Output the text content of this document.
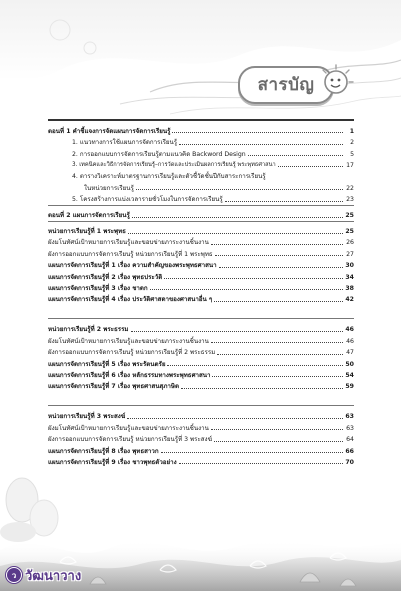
สารบัญ
ตอนที่ 1 คำชี้แจงการจัดแผนการจัดการเรียนรู้	1
1. แนวทางการใช้แผนการจัดการเรียนรู้	2
2. การออกแบบการจัดการเรียนรู้ตามแนวคิด Backword Design	5
3. เทคนิคและวิธีการจัดการเรียนรู้–การวัดและประเมินผลการเรียนรู้ พระพุทธศาสนา	17
4. ตารางวิเคราะห์มาตรฐานการเรียนรู้และตัวชี้วัดชั้นปีกับสาระการเรียนรู้
ในหน่วยการเรียนรู้	22
5. โครงสร้างการแบ่งเวลารายชั่วโมงในการจัดการเรียนรู้	23
ตอนที่ 2 แผนการจัดการเรียนรู้	25
หน่วยการเรียนรู้ที่ 1 พระพุทธ	25
ผังมโนทัศน์เป้าหมายการเรียนรู้และขอบข่ายภาระงานชิ้นงาน	26
ผังการออกแบบการจัดการเรียนรู้ หน่วยการเรียนรู้ที่ 1 พระพุทธ	27
แผนการจัดการเรียนรู้ที่ 1 เรื่อง ความสำคัญของพระพุทธศาสนา	30
แผนการจัดการเรียนรู้ที่ 2 เรื่อง พุทธประวัติ	34
แผนการจัดการเรียนรู้ที่ 3 เรื่อง ชาดก	38
แผนการจัดการเรียนรู้ที่ 4 เรื่อง ประวัติศาสดาของศาสนาอื่น ๆ	42
หน่วยการเรียนรู้ที่ 2 พระธรรม	46
ผังมโนทัศน์เป้าหมายการเรียนรู้และขอบข่ายภาระงานชิ้นงาน	46
ผังการออกแบบการจัดการเรียนรู้ หน่วยการเรียนรู้ที่ 2 พระธรรม	47
แผนการจัดการเรียนรู้ที่ 5 เรื่อง พระรัตนตรัย	50
แผนการจัดการเรียนรู้ที่ 6 เรื่อง หลักธรรมทางพระพุทธศาสนา	54
แผนการจัดการเรียนรู้ที่ 7 เรื่อง พุทธศาสนสุภาษิต	59
หน่วยการเรียนรู้ที่ 3 พระสงฆ์	63
ผังมโนทัศน์เป้าหมายการเรียนรู้และขอบข่ายภาระงานชิ้นงาน	63
ผังการออกแบบการจัดการเรียนรู้ หน่วยการเรียนรู้ที่ 3 พระสงฆ์	64
แผนการจัดการเรียนรู้ที่ 8 เรื่อง พุทธสาวก	66
แผนการจัดการเรียนรู้ที่ 9 เรื่อง ชาวพุทธตัวอย่าง	70
ว วัฒนาวาง
